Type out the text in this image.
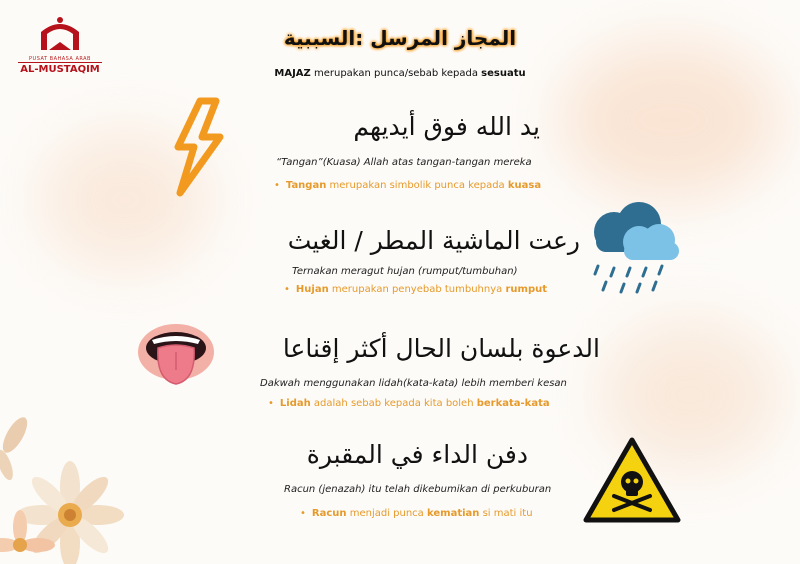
PUSAT BAHASA ARAB
AL-MUSTAQIM
المجاز المرسل :السببية
MAJAZ merupakan punca/sebab kepada sesuatu
يد الله فوق أيديهم
“Tangan”(Kuasa) Allah atas tangan-tangan mereka
• Tangan merupakan simbolik punca kepada kuasa
رعت الماشية المطر / الغيث
Ternakan meragut hujan (rumput/tumbuhan)
• Hujan merupakan penyebab tumbuhnya rumput
الدعوة بلسان الحال أكثر إقناعا
Dakwah menggunakan lidah(kata-kata) lebih memberi kesan
• Lidah adalah sebab kepada kita boleh berkata-kata
دفن الداء في المقبرة
Racun (jenazah) itu telah dikebumikan di perkuburan
• Racun menjadi punca kematian si mati itu
